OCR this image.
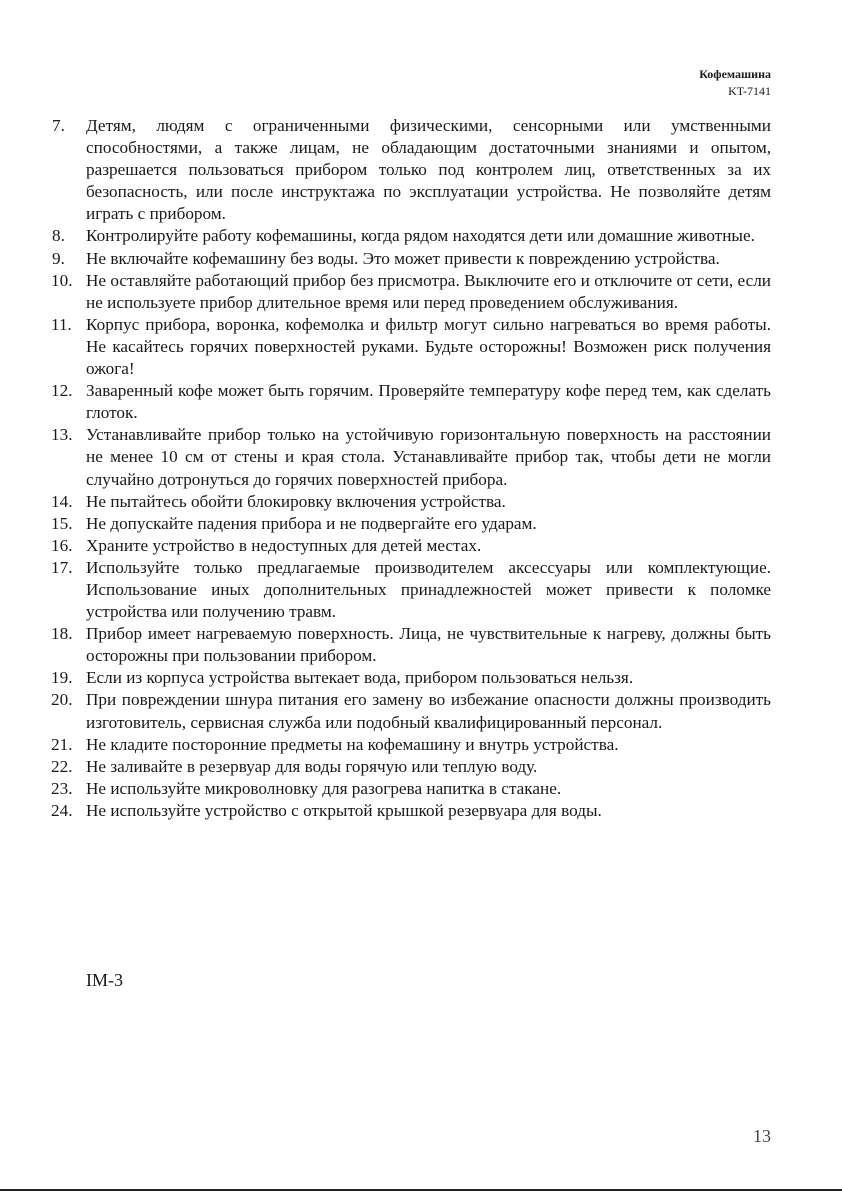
Кофемашина
KT-7141
7.	Детям, людям с ограниченными физическими, сенсорными или умственными способностями, а также лицам, не обладающим достаточными знаниями и опытом, разрешается пользоваться прибором только под контролем лиц, ответственных за их безопасность, или после инструктажа по эксплуатации устройства. Не позволяйте детям играть с прибором.
8.	Контролируйте работу кофемашины, когда рядом находятся дети или домашние животные.
9.	Не включайте кофемашину без воды. Это может привести к повреждению устройства.
10. Не оставляйте работающий прибор без присмотра. Выключите его и отключите от сети, если не используете прибор длительное время или перед проведением обслуживания.
11. Корпус прибора, воронка, кофемолка и фильтр могут сильно нагреваться во время работы. Не касайтесь горячих поверхностей руками. Будьте осторожны! Возможен риск получения ожога!
12. Заваренный кофе может быть горячим. Проверяйте температуру кофе перед тем, как сделать глоток.
13. Устанавливайте прибор только на устойчивую горизонтальную поверхность на расстоянии не менее 10 см от стены и края стола. Устанавливайте прибор так, чтобы дети не могли случайно дотронуться до горячих поверхностей прибора.
14. Не пытайтесь обойти блокировку включения устройства.
15. Не допускайте падения прибора и не подвергайте его ударам.
16. Храните устройство в недоступных для детей местах.
17. Используйте только предлагаемые производителем аксессуары или комплектующие. Использование иных дополнительных принадлежностей может привести к поломке устройства или получению травм.
18. Прибор имеет нагреваемую поверхность. Лица, не чувствительные к нагреву, должны быть осторожны при пользовании прибором.
19. Если из корпуса устройства вытекает вода, прибором пользоваться нельзя.
20. При повреждении шнура питания его замену во избежание опасности должны производить изготовитель, сервисная служба или подобный квалифицированный персонал.
21. Не кладите посторонние предметы на кофемашину и внутрь устройства.
22. Не заливайте в резервуар для воды горячую или теплую воду.
23. Не используйте микроволновку для разогрева напитка в стакане.
24. Не используйте устройство с открытой крышкой резервуара для воды.
IM-3
13
